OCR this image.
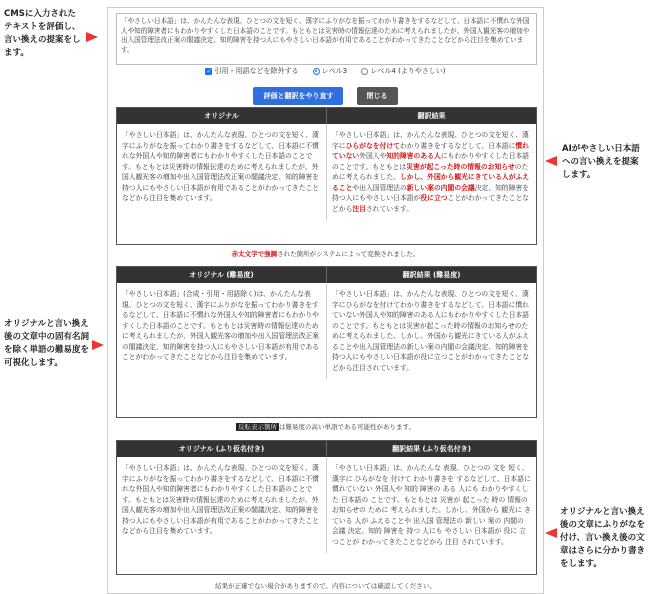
CMSに入力されたテキストを評価し、言い換えの提案をします。
AIがやさしい日本語への言い換えを提案します。
オリジナルと言い換え後の文章中の固有名詞を除く単語の難易度を可視化します。
オリジナルと言い換え後の文章にふりがなを付け、言い換え後の文章はさらに分かり書きをします。
「やさしい日本語」は、かんたんな表現、ひとつの文を短く、漢字にふりがなを振ってわかり書きをするなどして、日本語に不慣れな外国人や知的障害者にもわかりやすくした日本語のことです。もともとは災害時の情報伝達のために考えられましたが、外国人観光客の増加や出入国管理法改正案の閣議決定、知的障害を持つ人にもやさしい日本語が有用であることがわかってきたことなどから注目を集めています。
✓ 引用・用語などを除外する	レベル3	レベル4 (よりやさしい)
評価と翻訳をやり直す	閉じる
オリジナル	翻訳結果
「やさしい日本語」は、かんたんな表現、ひとつの文を短く、漢字にふりがなを振ってわかり書きをするなどして、日本語に不慣れな外国人や知的障害者にもわかりやすくした日本語のことです。もともとは災害時の情報伝達のために考えられましたが、外国人観光客の増加や出入国管理法改正案の閣議決定、知的障害を持つ人にもやさしい日本語が有用であることがわかってきたことなどから注目を集めています。
「やさしい日本語」は、かんたんな表現、ひとつの文を短く、漢字にひらがなを付けてわかり書きをするなどして、日本語に慣れていない外国人や知的障害のある人にもわかりやすくした日本語のことです。もともとは災害が起こった時の情報のお知らせのために考えられました。しかし、外国から観光にきている人がふえることや出入国管理法の新しい案の内閣の会議決定、知的障害を持つ人にもやさしい日本語が役に立つことがわかってきたことなどから注目されています。
赤太文字で強調された箇所がシステムによって変換されました。
オリジナル (難易度)	翻訳結果 (難易度)
「やさしい日本語」(合成・引用・用語除く)は、かんたんな表現、ひとつの文を短く、漢字にふりがなを振ってわかり書きをするなどして、日本語に不慣れな外国人や知的障害者にもわかりやすくした日本語のことです。もともとは災害時の情報伝達のために考えられましたが、外国人観光客の増加や出入国管理法改正案の閣議決定、知的障害を持つ人にもやさしい日本語が有用であることがわかってきたことなどから注目を集めています。
「やさしい日本語」は、かんたんな表現、ひとつの文を短く、漢字にひらがなを付けてわかり書きをするなどして、日本語に慣れていない外国人や知的障害のある人にもわかりやすくした日本語のことです。もともとは災害が起こった時の情報のお知らせのために考えられました。しかし、外国から観光にきている人がふえることや出入国管理法の新しい案の内閣の会議決定、知的障害を持つ人にもやさしい日本語が役に立つことがわかってきたことなどから注目されています。
反転表示箇所 は難易度の高い単語である可能性があります。
オリジナル (ふり仮名付き)	翻訳結果 (ふり仮名付き)
「やさしい日本語」は、かんたんな表現、ひとつの文を短く、漢字にふりがなを振ってわかり書きをするなどして、日本語に不慣れな外国人や知的障害者にもわかりやすくした日本語のことです。もともとは災害時の情報伝達のために考えられましたが、外国人観光客の増加や出入国管理法改正案の閣議決定、知的障害を持つ人にもやさしい日本語が有用であることがわかってきたことなどから注目を集めています。
「やさしい日本語」は、かんたんな 表現、ひとつの 文を 短く、漢字に ひらがなを 付けて わかり書きを するなどして、日本語に 慣れていない 外国人や 知的 障害の ある 人にも わかりやすくした 日本語の ことです。もともとは 災害が 起こった 時の 情報の お知らせの ために 考えられました。しかし、外国から 観光に きている 人が ふえることや 出入国 管理法の 新しい 案の 内閣の 会議 決定、知的 障害を 持つ 人にも やさしい 日本語が 役に 立つことが わかってきたことなどから 注目 されています。
結果が正確でない場合がありますので、内容については確認してください。
